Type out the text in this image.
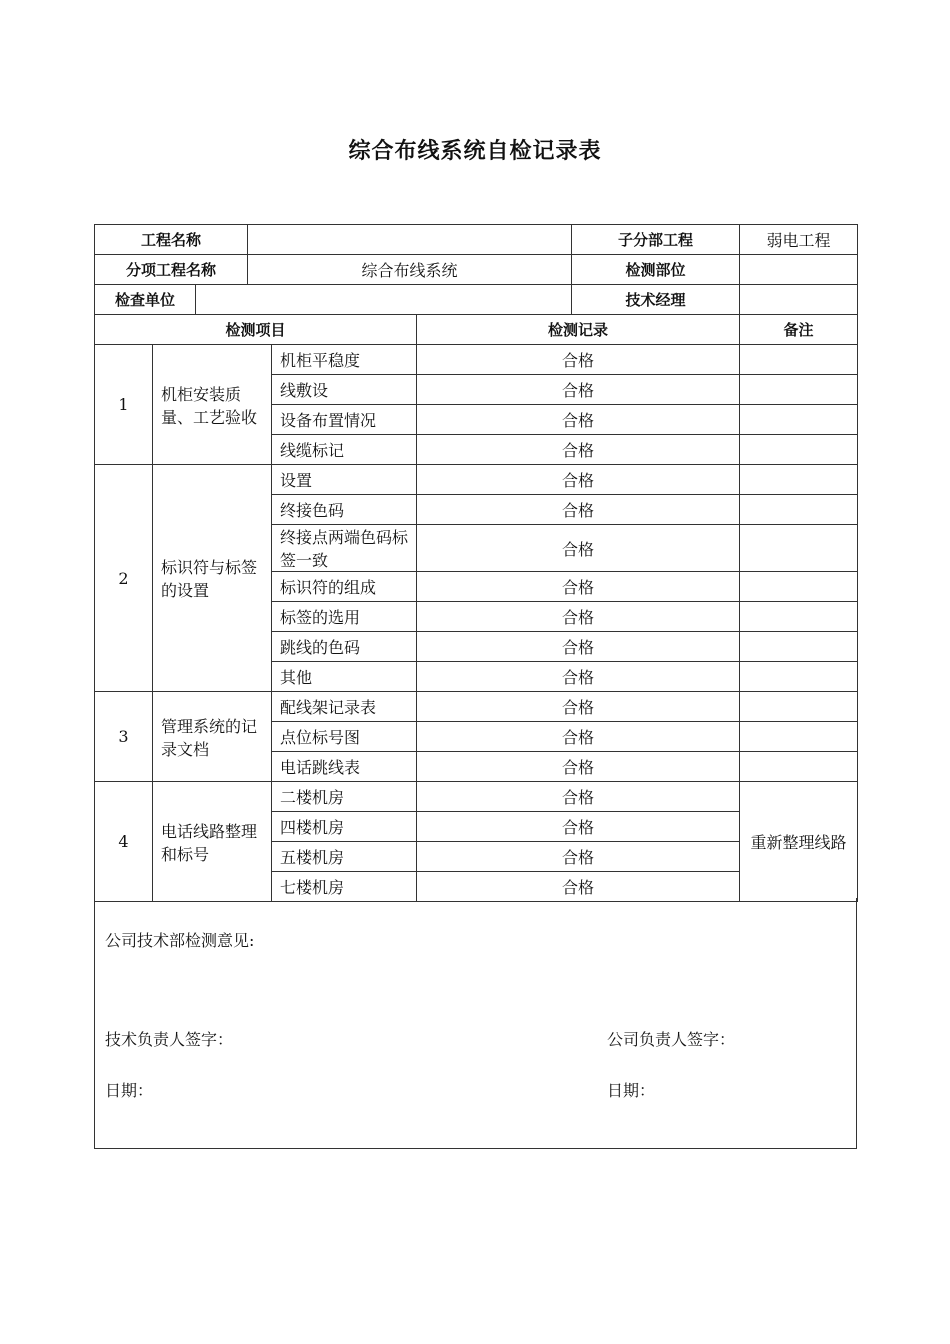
综合布线系统自检记录表
工程名称			子分部工程	弱电工程
分项工程名称		综合布线系统	检测部位	
检查单位			技术经理	
检测项目			检测记录	备注
1	机柜安装质量、工艺验收	机柜平稳度	合格	
		线敷设	合格	
		设备布置情况	合格	
		线缆标记	合格	
2	标识符与标签的设置	设置	合格	
		终接色码	合格	
		终接点两端色码标签一致	合格	
		标识符的组成	合格	
		标签的选用	合格	
		跳线的色码	合格	
		其他	合格	
3	管理系统的记录文档	配线架记录表	合格	
		点位标号图	合格	
		电话跳线表	合格	
4	电话线路整理和标号	二楼机房	合格	重新整理线路
		四楼机房	合格	
		五楼机房	合格	
		七楼机房	合格	
公司技术部检测意见:
技术负责人签字：	公司负责人签字：
日期：	日期：
